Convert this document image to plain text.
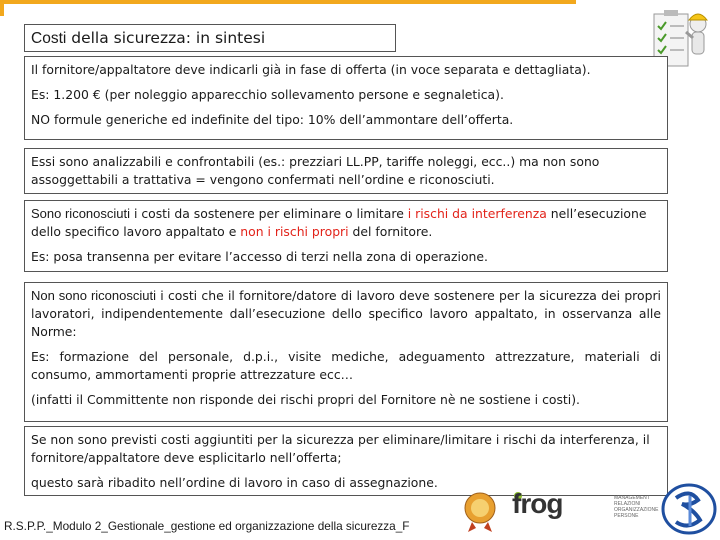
Costi della sicurezza: in sintesi

Il fornitore/appaltatore deve indicarli già in fase di offerta (in voce separata e dettagliata).

Es: 1.200 € (per noleggio apparecchio sollevamento persone e segnaletica).

NO formule generiche ed indefinite del tipo: 10% dell’ammontare dell’offerta.

Essi sono analizzabili e confrontabili (es.: prezziari LL.PP, tariffe noleggi, ecc..) ma non sono assoggettabili a trattativa = vengono confermati nell’ordine e riconosciuti.

Sono riconosciuti i costi da sostenere per eliminare o limitare i rischi da interferenza nell’esecuzione dello specifico lavoro appaltato e non i rischi propri del fornitore.

Es: posa transenna per evitare l’accesso di terzi nella zona di operazione.

Non sono riconosciuti i costi che il fornitore/datore di lavoro deve sostenere per la sicurezza dei propri lavoratori, indipendentemente dall’esecuzione dello specifico lavoro appaltato, in osservanza alle Norme:

Es: formazione del personale, d.p.i., visite mediche, adeguamento attrezzature, materiali di consumo, ammortamenti proprie attrezzature ecc…

(infatti il Committente non risponde dei rischi propri del Fornitore nè ne sostiene i costi).

Se non sono previsti costi aggiuntiti per la sicurezza per eliminare/limitare i rischi da interferenza, il fornitore/appaltatore deve esplicitarlo nell’offerta;

questo sarà ribadito nell’ordine di lavoro in caso di assegnazione.

frog	MANAGEMENT RELAZIONI ORGANIZZAZIONE PERSONE
R.S.P.P._Modulo 2_Gestionale_gestione ed organizzazione della sicurezza_F
